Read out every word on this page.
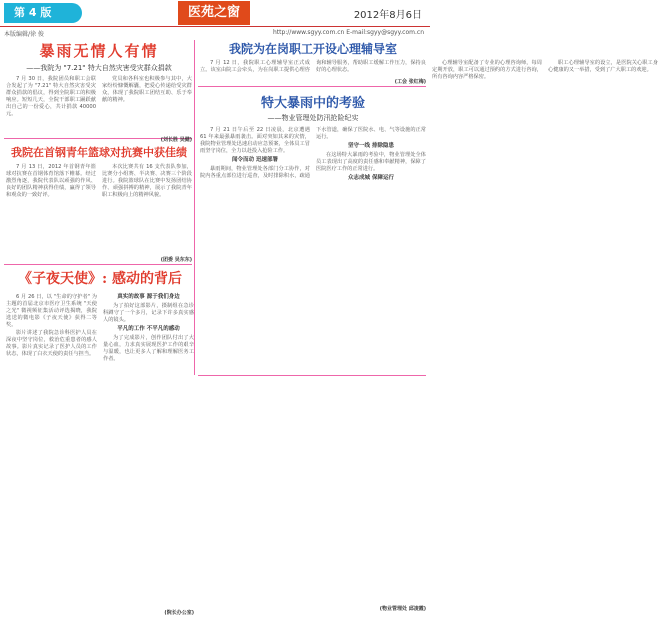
第 4 版	医苑之窗	2012年8月6日
本版编辑/徐 俊	http://www.sgyy.com.cn E-mail:sgyy@sgyy.com.cn
暴雨无情人有情
——我院为 "7.21" 特大自然灾害受灾群众捐款

7 月 30 日，我院团员和职工会联合发起了为 "7.21" 特大自然灾害受灾群众捐款的倡议，得到全院职工的积极响应。短短几天，全院干部职工踊跃献出自己的一份爱心，共计捐款 40000 元。

党员和各科室也积极参与其中，大家纷纷慷慨解囊，把爱心传递给受灾群众，体现了我院职工团结互助、乐于奉献的精神。

(刘长胜 吴健)
我院在首钢青年篮球对抗赛中获佳绩

7 月 13 日，2012 年首钢青年篮球对抗赛在首钢体育馆落下帷幕。经过激烈角逐，我院代表队以顽强的作风、良好的团队精神获得佳绩，赢得了领导和观众的一致好评。

本次比赛共有 16 支代表队参加，比赛分小组赛、半决赛、决赛三个阶段进行。我院篮球队在比赛中发扬团结协作、顽强拼搏的精神，展示了我院青年职工积极向上的精神风貌。

(团委 吴东东)
《子夜天使》: 感动的背后

6 月 26 日，以 "生命的守护者" 为主题的首届北京市医疗卫生系统 "天使之光" 微视频征集活动评选揭晓，我院选送的微电影《子夜天使》获得二等奖。

影片讲述了我院急诊科医护人员在深夜中坚守岗位，救治危重患者的感人故事。影片真实记录了医护人员的工作状态，体现了白衣天使的责任与担当。

真实的故事 源于我们身边

为了拍好这部影片，摄制组在急诊科蹲守了一个多月，记录下许多真实感人的镜头。

平凡的工作 不平凡的感动

为了完成影片，创作团队付出了大量心血，力求真实展现医护工作的艰辛与温暖，也让更多人了解和理解医务工作者。

(院长办公室)
我院为在岗职工开设心理辅导室

7 月 12 日，我院职工心理辅导室正式成立。该室由院工会牵头，为在岗职工提供心理咨询和辅导服务，帮助职工缓解工作压力，保持良好的心理状态。

心理辅导室配备了专业的心理咨询师，每周定期开放，职工可以通过预约的方式进行咨询，所有咨询内容严格保密。

职工心理辅导室的设立，是医院关心职工身心健康的又一举措，受到了广大职工的欢迎。

(工会 张红梅)
特大暴雨中的考验
——物业管理处防汛抢险纪实

7 月 21 日午后至 22 日凌晨，北京遭遇 61 年来最强暴雨袭击。面对突如其来的灾情，我院物业管理处迅速启动应急预案，全体员工冒雨坚守岗位，全力以赴投入抢险工作。

闻令而动 迅速部署

暴雨期间，物业管理处各部门分工协作，对院内各重点部位进行巡查，及时排除积水，疏通下水管道，确保了医院水、电、气等设施的正常运行。

坚守一线 排除隐患

在这场特大暴雨的考验中，物业管理处全体员工表现出了高度的责任感和奉献精神，保障了医院医疗工作的正常进行。

众志成城 保障运行
(物业管理处 邱凌霞)
